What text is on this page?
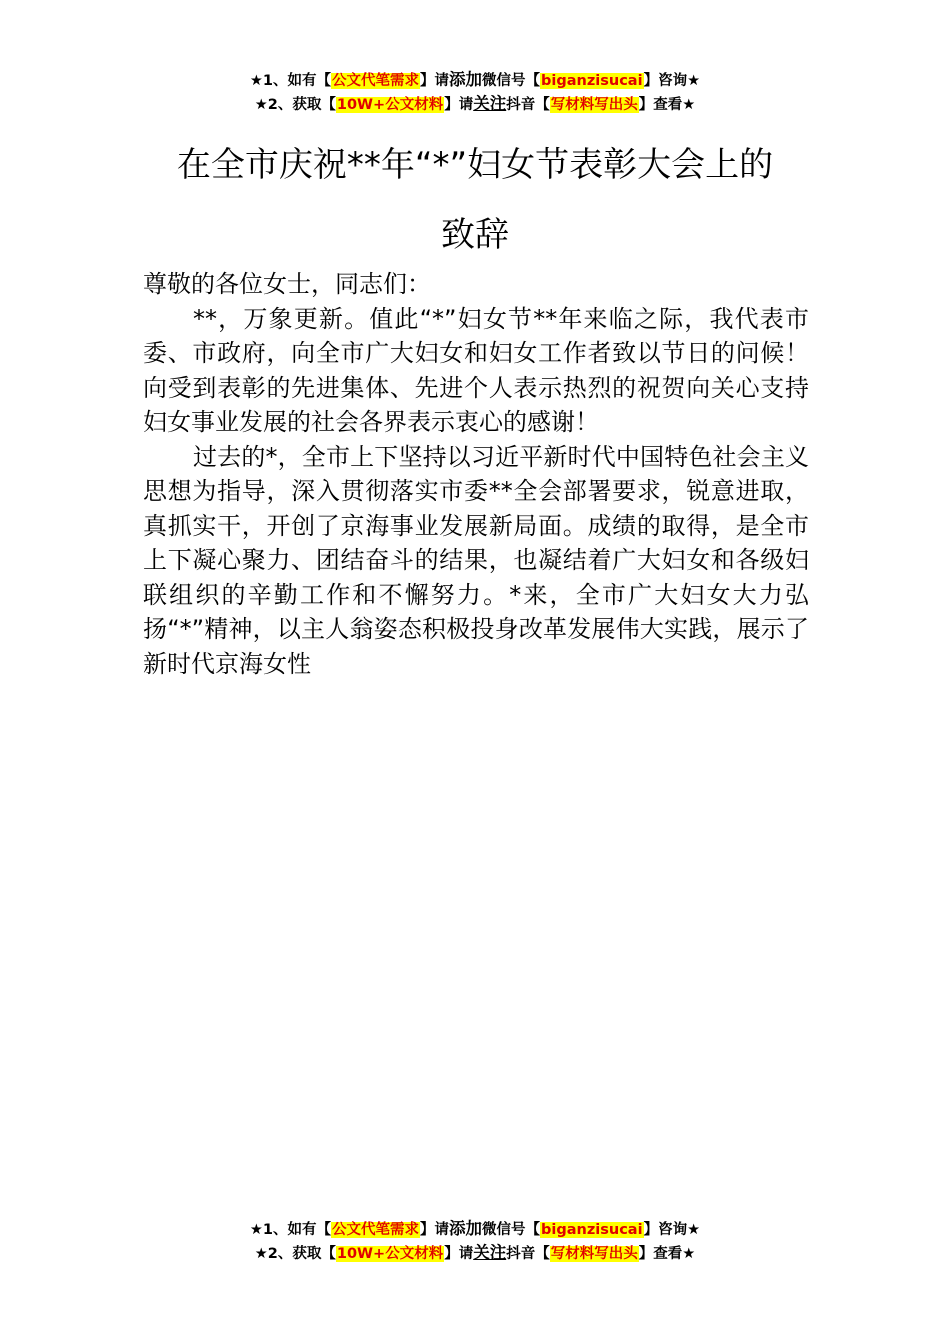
★1、如有【公文代笔需求】请添加微信号【biganzisucai】咨询★
★2、获取【10W+公文材料】请关注抖音【写材料写出头】查看★
在全市庆祝**年“*”妇女节表彰大会上的
致辞

尊敬的各位女士，同志们：

**，万象更新。值此“*”妇女节**年来临之际，我代表市委、市政府，向全市广大妇女和妇女工作者致以节日的问候！向受到表彰的先进集体、先进个人表示热烈的祝贺向关心支持妇女事业发展的社会各界表示衷心的感谢！

过去的*，全市上下坚持以习近平新时代中国特色社会主义思想为指导，深入贯彻落实市委**全会部署要求，锐意进取，真抓实干，开创了京海事业发展新局面。成绩的取得，是全市上下凝心聚力、团结奋斗的结果，也凝结着广大妇女和各级妇联组织的辛勤工作和不懈努力。*来，全市广大妇女大力弘扬“*”精神，以主人翁姿态积极投身改革发展伟大实践，展示了新时代京海女性

★1、如有【公文代笔需求】请添加微信号【biganzisucai】咨询★
★2、获取【10W+公文材料】请关注抖音【写材料写出头】查看★
